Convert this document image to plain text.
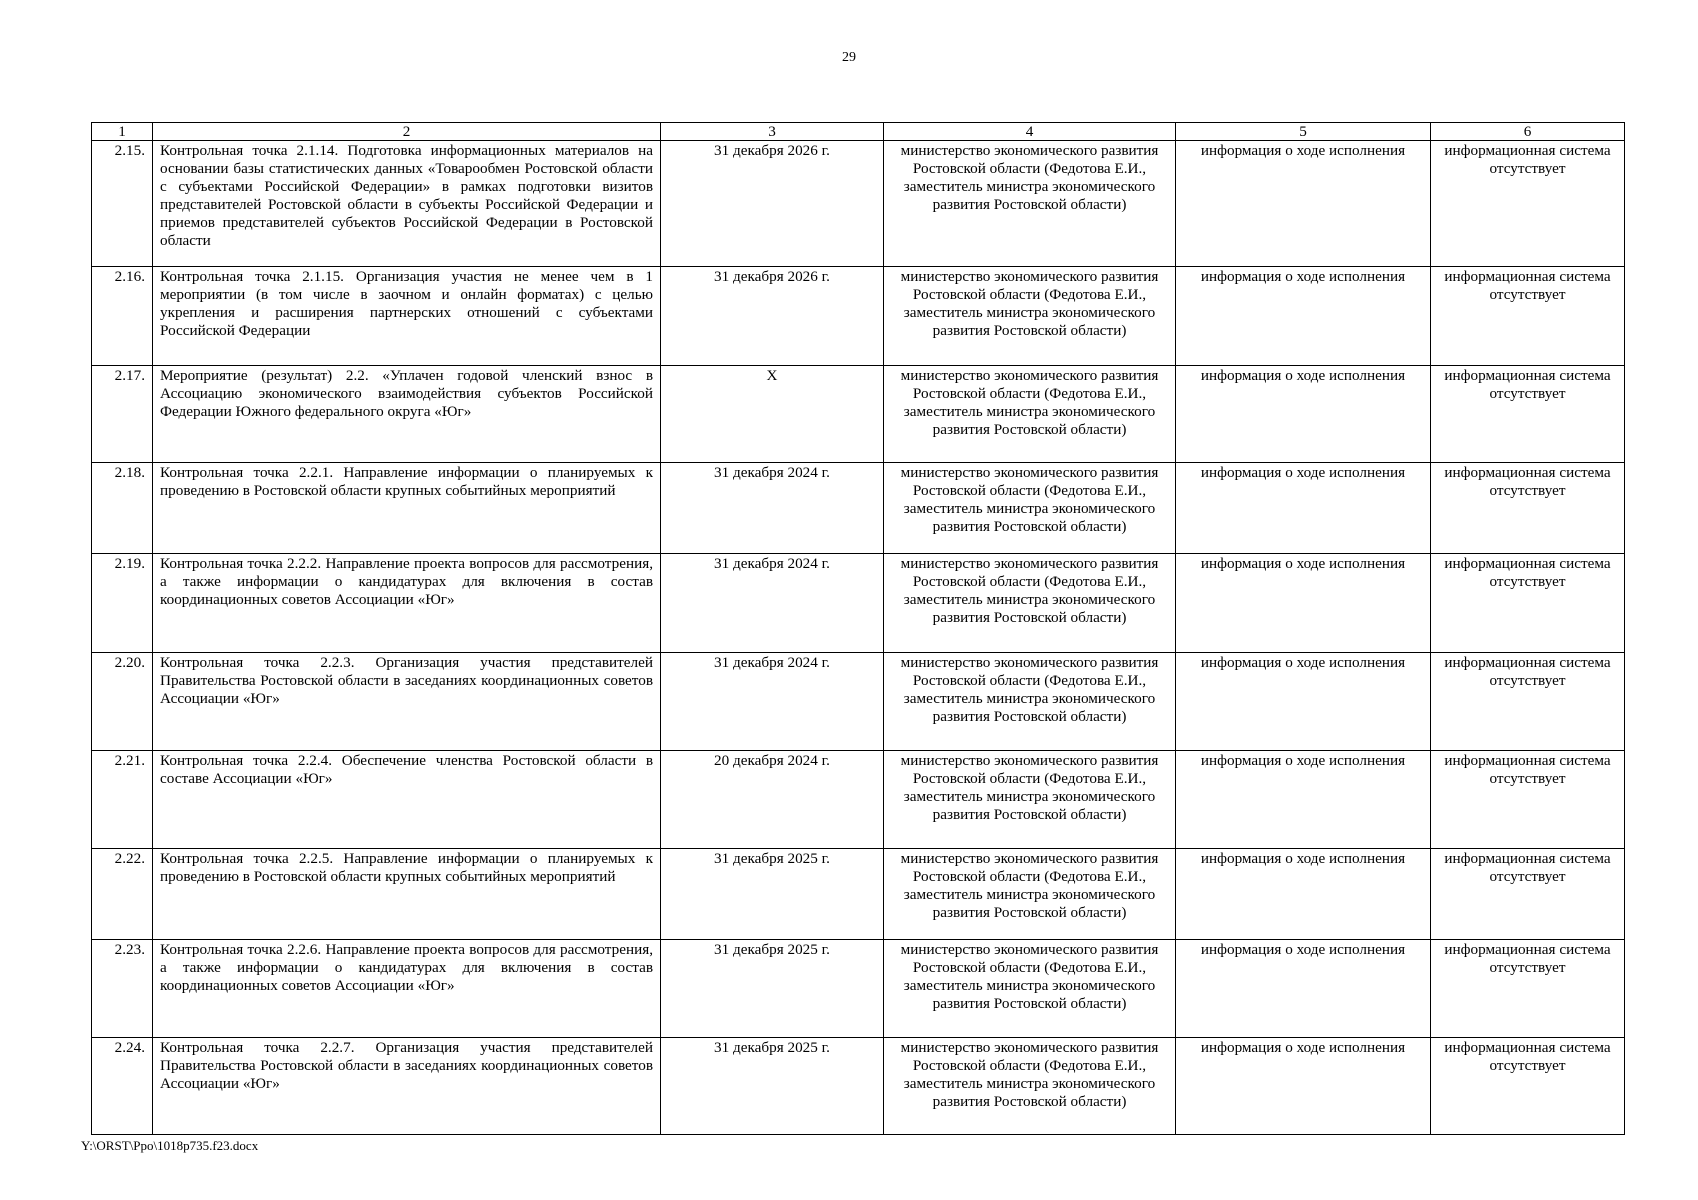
29
1	2	3	4	5	6
2.15.	Контрольная точка 2.1.14. Подготовка информационных материалов на основании базы статистических данных «Товарообмен Ростовской области с субъектами Российской Федерации» в рамках подготовки визитов представителей Ростовской области в субъекты Российской Федерации и приемов представителей субъектов Российской Федерации в Ростовской области	31 декабря 2026 г.	министерство экономического развития Ростовской области (Федотова Е.И., заместитель министра экономического развития Ростовской области)	информация о ходе исполнения	информационная система отсутствует
2.16.	Контрольная точка 2.1.15. Организация участия не менее чем в 1 мероприятии (в том числе в заочном и онлайн форматах) с целью укрепления и расширения партнерских отношений с субъектами Российской Федерации	31 декабря 2026 г.	министерство экономического развития Ростовской области (Федотова Е.И., заместитель министра экономического развития Ростовской области)	информация о ходе исполнения	информационная система отсутствует
2.17.	Мероприятие (результат) 2.2. «Уплачен годовой членский взнос в Ассоциацию экономического взаимодействия субъектов Российской Федерации Южного федерального округа «Юг»	Х	министерство экономического развития Ростовской области (Федотова Е.И., заместитель министра экономического развития Ростовской области)	информация о ходе исполнения	информационная система отсутствует
2.18.	Контрольная точка 2.2.1. Направление информации о планируемых к проведению в Ростовской области крупных событийных мероприятий	31 декабря 2024 г.	министерство экономического развития Ростовской области (Федотова Е.И., заместитель министра экономического развития Ростовской области)	информация о ходе исполнения	информационная система отсутствует
2.19.	Контрольная точка 2.2.2. Направление проекта вопросов для рассмотрения, а также информации о кандидатурах для включения в состав координационных советов Ассоциации «Юг»	31 декабря 2024 г.	министерство экономического развития Ростовской области (Федотова Е.И., заместитель министра экономического развития Ростовской области)	информация о ходе исполнения	информационная система отсутствует
2.20.	Контрольная точка 2.2.3. Организация участия представителей Правительства Ростовской области в заседаниях координационных советов Ассоциации «Юг»	31 декабря 2024 г.	министерство экономического развития Ростовской области (Федотова Е.И., заместитель министра экономического развития Ростовской области)	информация о ходе исполнения	информационная система отсутствует
2.21.	Контрольная точка 2.2.4. Обеспечение членства Ростовской области в составе Ассоциации «Юг»	20 декабря 2024 г.	министерство экономического развития Ростовской области (Федотова Е.И., заместитель министра экономического развития Ростовской области)	информация о ходе исполнения	информационная система отсутствует
2.22.	Контрольная точка 2.2.5. Направление информации о планируемых к проведению в Ростовской области крупных событийных мероприятий	31 декабря 2025 г.	министерство экономического развития Ростовской области (Федотова Е.И., заместитель министра экономического развития Ростовской области)	информация о ходе исполнения	информационная система отсутствует
2.23.	Контрольная точка 2.2.6. Направление проекта вопросов для рассмотрения, а также информации о кандидатурах для включения в состав координационных советов Ассоциации «Юг»	31 декабря 2025 г.	министерство экономического развития Ростовской области (Федотова Е.И., заместитель министра экономического развития Ростовской области)	информация о ходе исполнения	информационная система отсутствует
2.24.	Контрольная точка 2.2.7. Организация участия представителей Правительства Ростовской области в заседаниях координационных советов Ассоциации «Юг»	31 декабря 2025 г.	министерство экономического развития Ростовской области (Федотова Е.И., заместитель министра экономического развития Ростовской области)	информация о ходе исполнения	информационная система отсутствует
Y:\ORST\Ppo\1018p735.f23.docx
